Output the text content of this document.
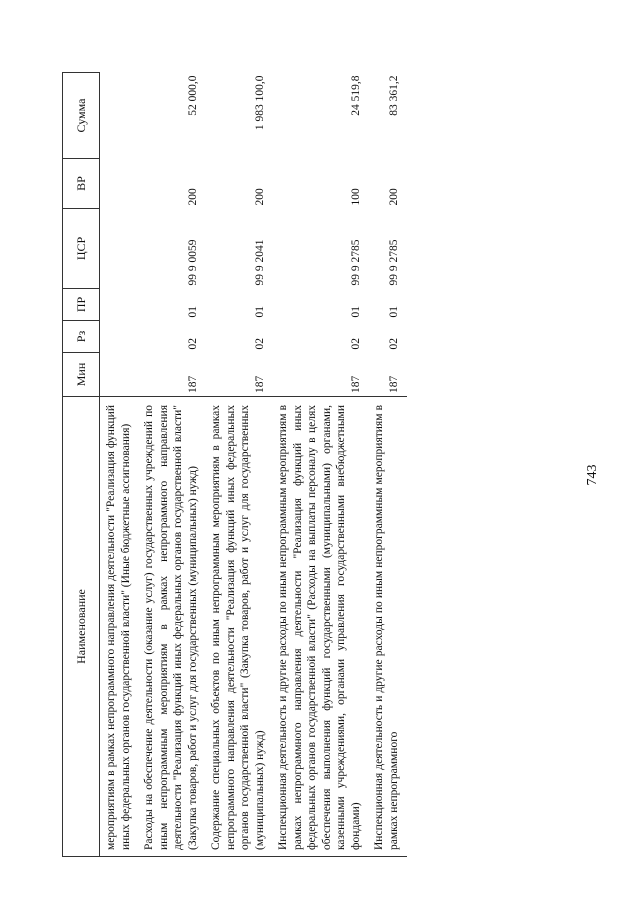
743
Наименование	Мин	Рз	ПР	ЦСР	ВР	Сумма
мероприятиям в рамках непрограммного направления деятельности "Реализация функций иных федеральных органов государственной власти" (Иные бюджетные ассигнования)						
Расходы на обеспечение деятельности (оказание услуг) государственных учреждений по иным непрограммным мероприятиям в рамках непрограммного направления деятельности "Реализация функций иных федеральных органов государственной власти" (Закупка товаров, работ и услуг для государственных (муниципальных) нужд)	187	02	01	99 9 0059	200	52 000,0
Содержание специальных объектов по иным непрограммным мероприятиям в рамках непрограммного направления деятельности "Реализация функций иных федеральных органов государственной власти" (Закупка товаров, работ и услуг для государственных (муниципальных) нужд)	187	02	01	99 9 2041	200	1 983 100,0
Инспекционная деятельность и другие расходы по иным непрограммным мероприятиям в рамках непрограммного направления деятельности "Реализация функций иных федеральных органов государственной власти" (Расходы на выплаты персоналу в целях обеспечения выполнения функций государственными (муниципальными) органами, казенными учреждениями, органами управления государственными внебюджетными фондами)	187	02	01	99 9 2785	100	24 519,8
Инспекционная деятельность и другие расходы по иным непрограммным мероприятиям в рамках непрограммного	187	02	01	99 9 2785	200	83 361,2
